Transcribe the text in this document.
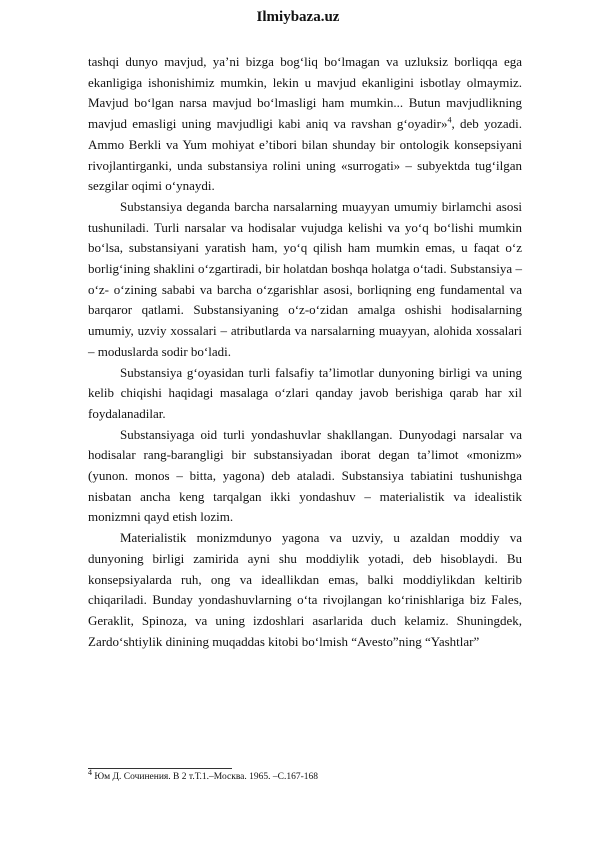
Ilmiybaza.uz

tashqi dunyo mavjud, ya’ni bizga bog‘liq bo‘lmagan va uzluksiz borliqqa ega ekanligiga ishonishimiz mumkin, lekin u mavjud ekanligini isbotlay olmaymiz. Mavjud bo‘lgan narsa mavjud bo‘lmasligi ham mumkin... Butun mavjudlikning mavjud emasligi uning mavjudligi kabi aniq va ravshan g‘oyadir»$^4$, deb yozadi. Ammo Berkli va Yum mohiyat e’tibori bilan shunday bir ontologik konsepsiyani rivojlantirganki, unda substansiya rolini uning «surrogati» – subyektda tug‘ilgan sezgilar oqimi o‘ynaydi.

Substansiya deganda barcha narsalarning muayyan umumiy birlamchi asosi tushuniladi. Turli narsalar va hodisalar vujudga kelishi va yo‘q bo‘lishi mumkin bo‘lsa, substansiyani yaratish ham, yo‘q qilish ham mumkin emas, u faqat o‘z borlig‘ining shaklini o‘zgartiradi, bir holatdan boshqa holatga o‘tadi. Substansiya – o‘z- o‘zining sababi va barcha o‘zgarishlar asosi, borliqning eng fundamental va barqaror qatlami. Substansiyaning o‘z-o‘zidan amalga oshishi hodisalarning umumiy, uzviy xossalari – atributlarda va narsalarning muayyan, alohida xossalari – moduslarda sodir bo‘ladi.

Substansiya g‘oyasidan turli falsafiy ta’limotlar dunyoning birligi va uning kelib chiqishi haqidagi masalaga o‘zlari qanday javob berishiga qarab har xil foydalanadilar.

Substansiyaga oid turli yondashuvlar shakllangan. Dunyodagi narsalar va hodisalar rang-barangligi bir substansiyadan iborat degan ta’limot «monizm» (yunon. monos – bitta, yagona) deb ataladi. Substansiya tabiatini tushunishga nisbatan ancha keng tarqalgan ikki yondashuv – materialistik va idealistik monizmni qayd etish lozim.

Materialistik monizmdunyo yagona va uzviy, u azaldan moddiy va dunyoning birligi zamirida ayni shu moddiylik yotadi, deb hisoblaydi. Bu konsepsiyalarda ruh, ong va ideallikdan emas, balki moddiylikdan keltirib chiqariladi. Bunday yondashuvlarning o‘ta rivojlangan ko‘rinishlariga biz Fales, Geraklit, Spinoza, va uning izdoshlari asarlarida duch kelamiz. Shuningdek, Zardo‘shtiylik dinining muqaddas kitobi bo‘lmish “Avesto”ning “Yashtlar”

$^4$ Юм Д. Сочинения. В 2 т.Т.1.–Москва. 1965. –С.167-168
